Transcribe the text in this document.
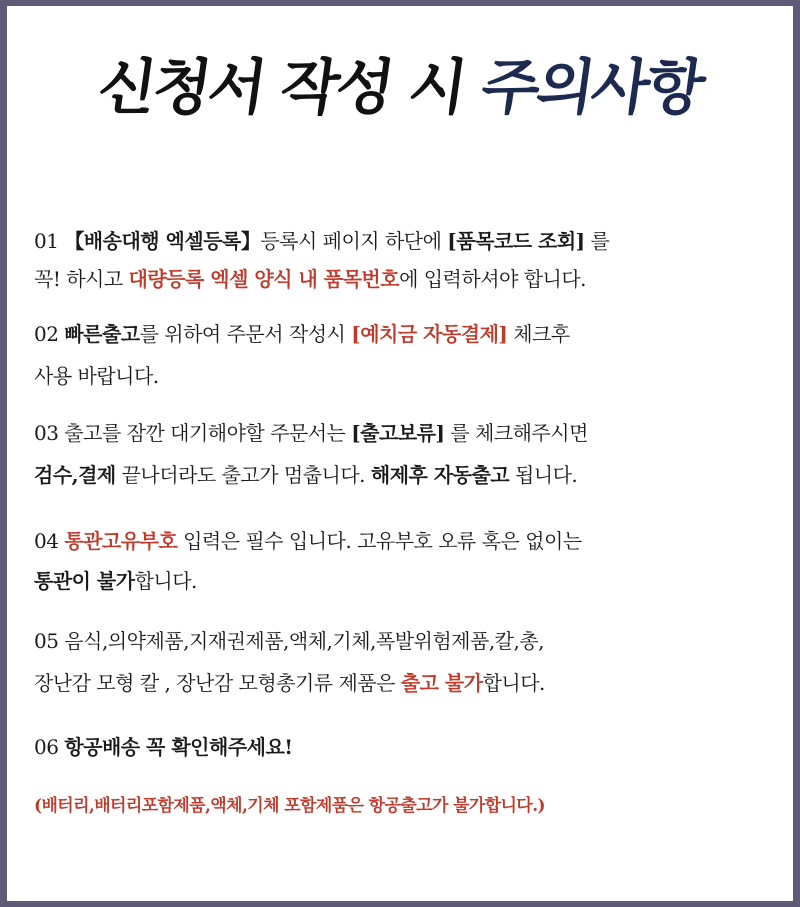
신청서 작성 시 주의사항
01 【배송대행 엑셀등록】등록시 페이지 하단에 [품목코드 조회] 를
꼭! 하시고 대량등록 엑셀 양식 내 품목번호에 입력하셔야 합니다.
02 빠른출고를 위하여 주문서 작성시 [예치금 자동결제] 체크후
사용 바랍니다.
03 출고를 잠깐 대기해야할 주문서는 [출고보류] 를 체크해주시면
검수,결제 끝나더라도 출고가 멈춥니다. 해제후 자동출고 됩니다.
04 통관고유부호 입력은 필수 입니다. 고유부호 오류 혹은 없이는
통관이 불가합니다.
05 음식,의약제품,지재권제품,액체,기체,폭발위험제품,칼,총,
장난감 모형 칼 , 장난감 모형총기류 제품은 출고 불가합니다.
06 항공배송 꼭 확인해주세요!
(배터리,배터리포함제품,액체,기체 포함제품은 항공출고가 불가합니다.)
